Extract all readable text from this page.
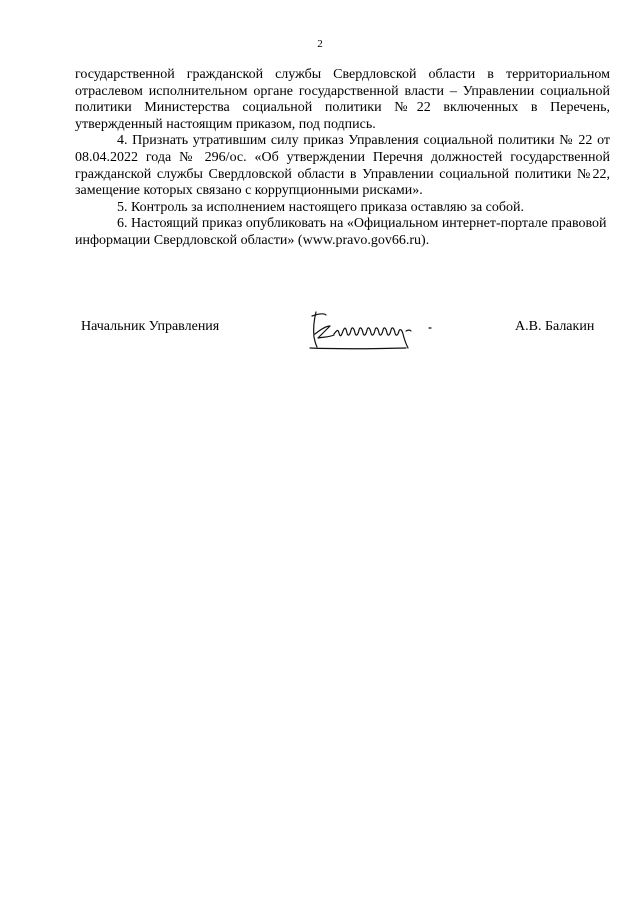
2

государственной гражданской службы Свердловской области в территориальном отраслевом исполнительном органе государственной власти – Управлении социальной политики Министерства социальной политики №22 включенных в Перечень, утвержденный настоящим приказом, под подпись.

4. Признать утратившим силу приказ Управления социальной политики № 22 от 08.04.2022 года № 296/ос. «Об утверждении Перечня должностей государственной гражданской службы Свердловской области в Управлении социальной политики №22, замещение которых связано с коррупционными рисками».

5. Контроль за исполнением настоящего приказа оставляю за собой.

6. Настоящий приказ опубликовать на «Официальном интернет-портале правовой информации Свердловской области» (www.pravo.gov66.ru).

Начальник Управления	А.В. Балакин
